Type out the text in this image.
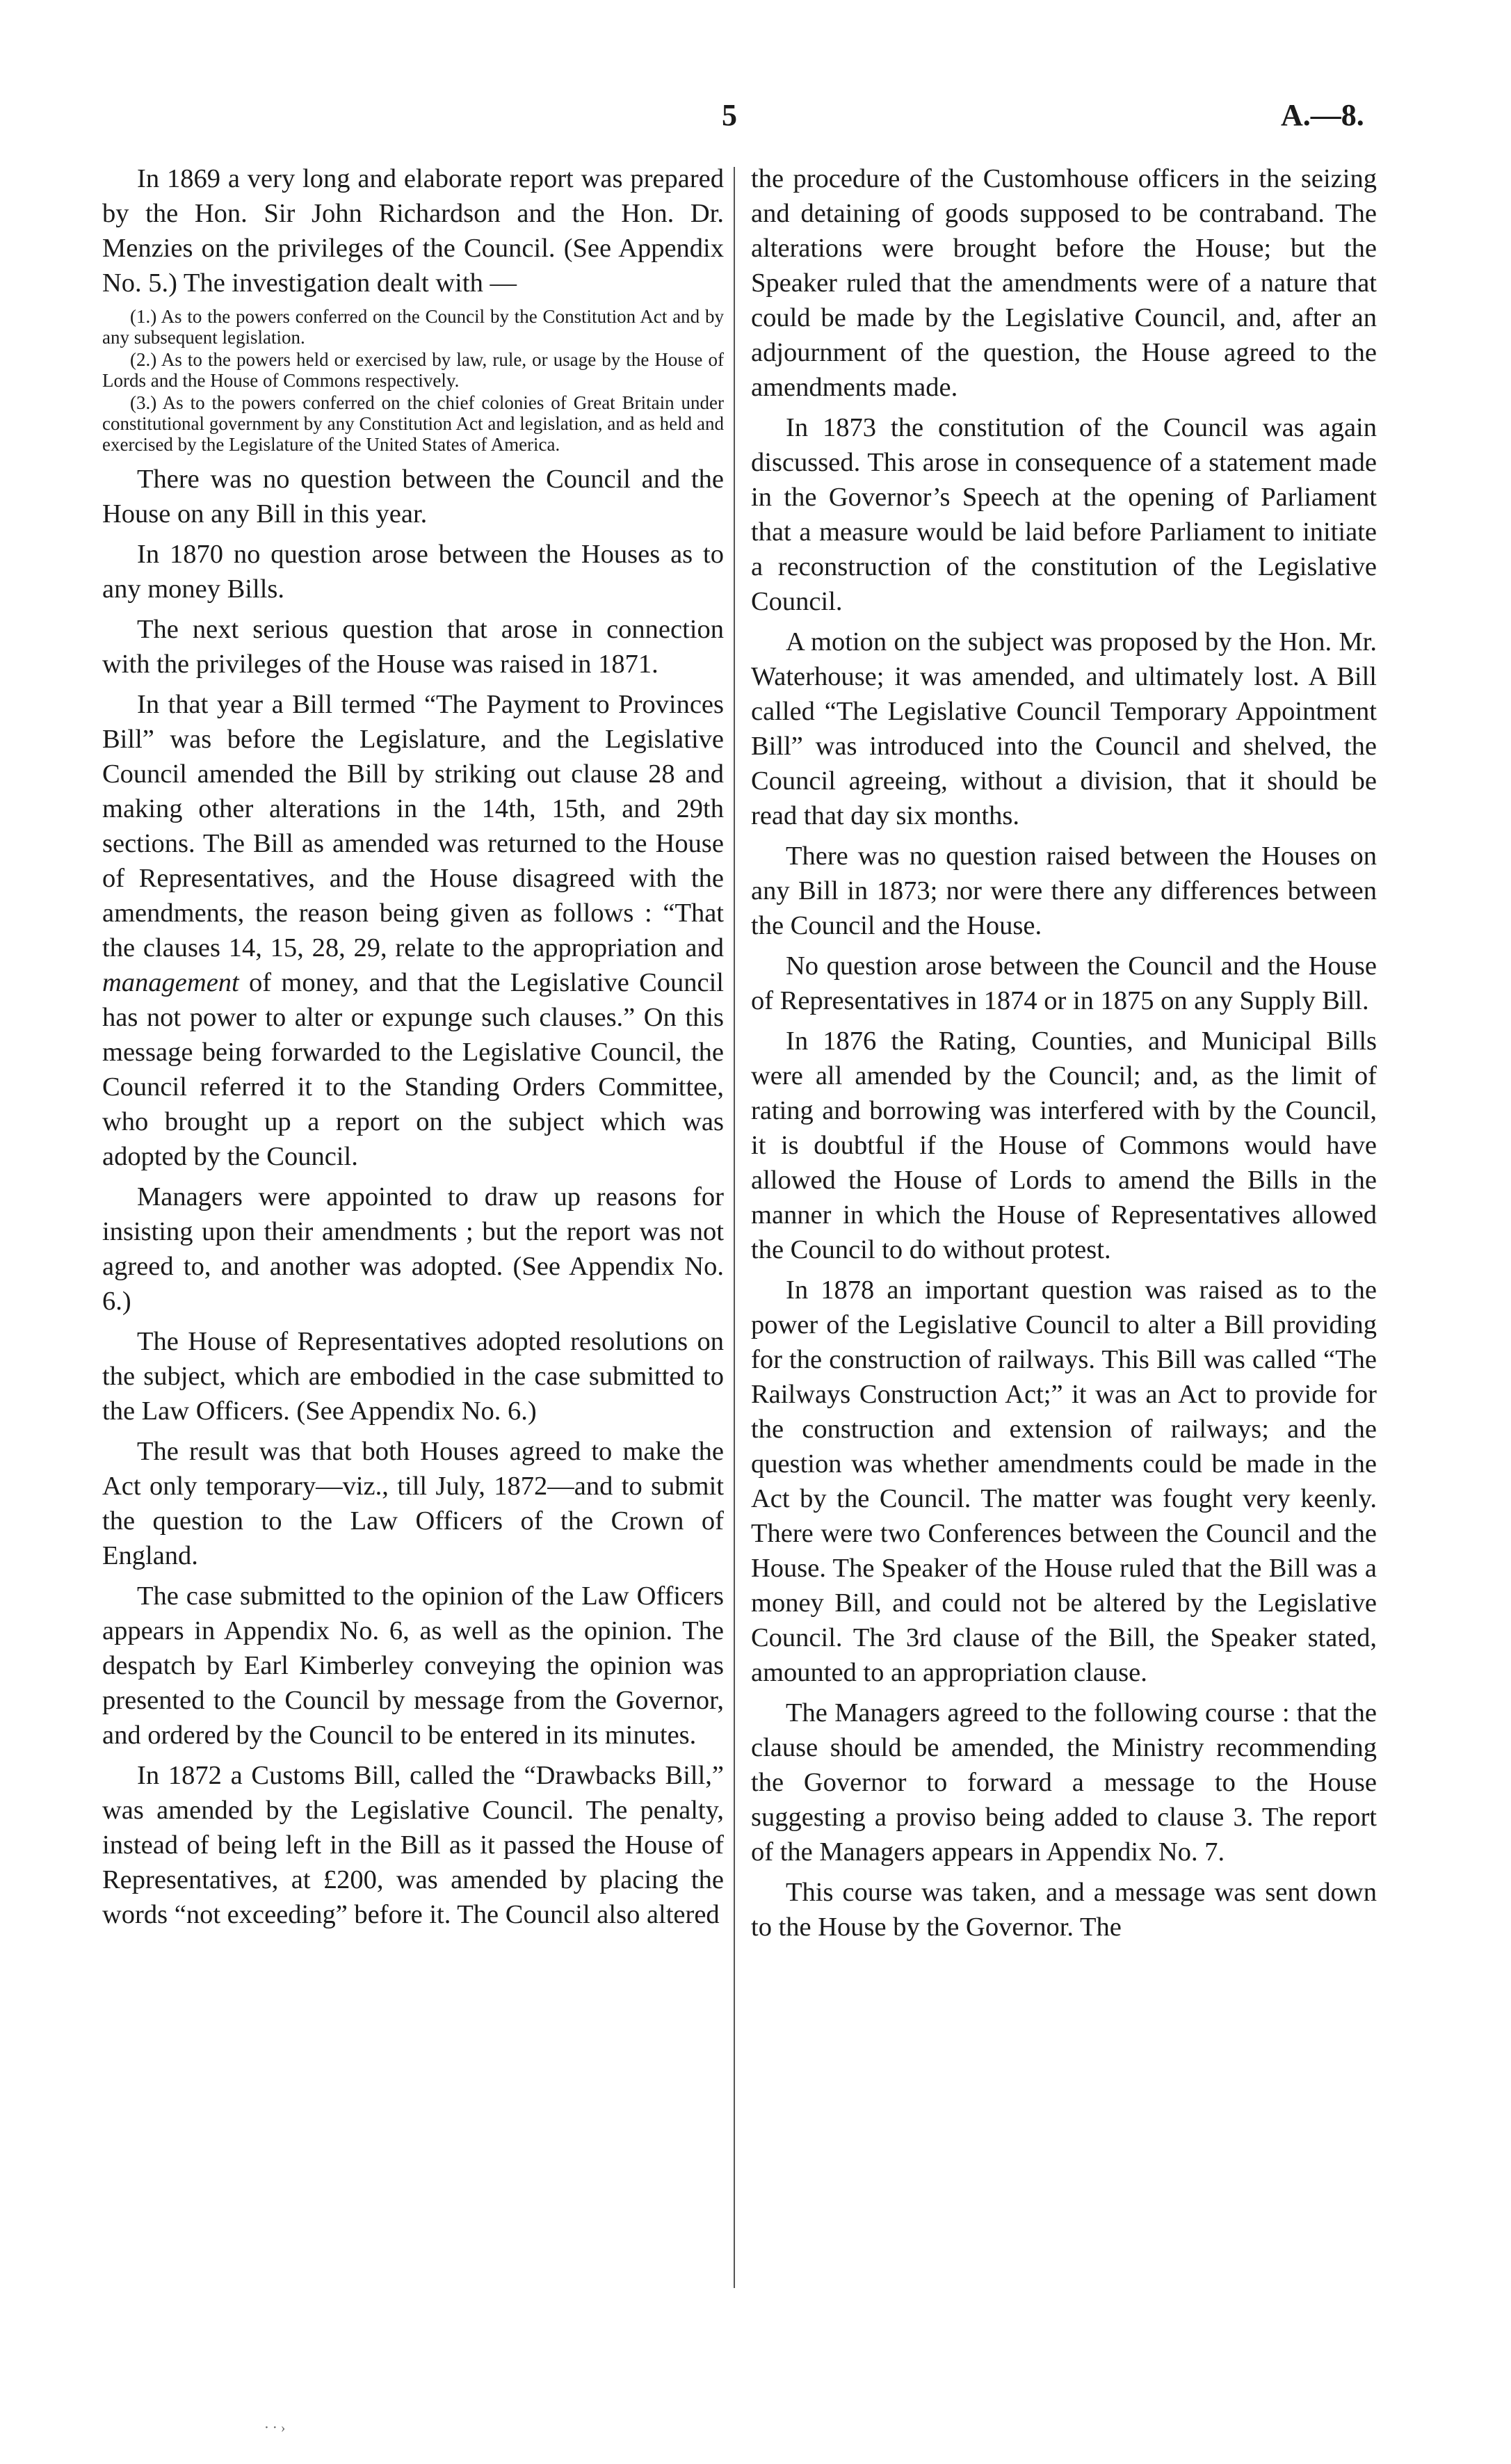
5	A.—8.

In 1869 a very long and elaborate report was prepared by the Hon. Sir John Richardson and the Hon. Dr. Menzies on the privileges of the Council. (See Appendix No. 5.) The investigation dealt with —

(1.) As to the powers conferred on the Council by the Constitution Act and by any subsequent legislation.

(2.) As to the powers held or exercised by law, rule, or usage by the House of Lords and the House of Commons respectively.

(3.) As to the powers conferred on the chief colonies of Great Britain under constitutional government by any Constitution Act and legislation, and as held and exercised by the Legislature of the United States of America.

There was no question between the Council and the House on any Bill in this year.

In 1870 no question arose between the Houses as to any money Bills.

The next serious question that arose in connection with the privileges of the House was raised in 1871.

In that year a Bill termed “The Payment to Provinces Bill” was before the Legislature, and the Legislative Council amended the Bill by striking out clause 28 and making other alterations in the 14th, 15th, and 29th sections. The Bill as amended was returned to the House of Representatives, and the House disagreed with the amendments, the reason being given as follows : “That the clauses 14, 15, 28, 29, relate to the appropriation and management of money, and that the Legislative Council has not power to alter or expunge such clauses.” On this message being forwarded to the Legislative Council, the Council referred it to the Standing Orders Committee, who brought up a report on the subject which was adopted by the Council.

Managers were appointed to draw up reasons for insisting upon their amendments ; but the report was not agreed to, and another was adopted. (See Appendix No. 6.)

The House of Representatives adopted resolutions on the subject, which are embodied in the case submitted to the Law Officers. (See Appendix No. 6.)

The result was that both Houses agreed to make the Act only temporary—viz., till July, 1872—and to submit the question to the Law Officers of the Crown of England.

The case submitted to the opinion of the Law Officers appears in Appendix No. 6, as well as the opinion. The despatch by Earl Kimberley conveying the opinion was presented to the Council by message from the Governor, and ordered by the Council to be entered in its minutes.

In 1872 a Customs Bill, called the “Drawbacks Bill,” was amended by the Legislative Council. The penalty, instead of being left in the Bill as it passed the House of Representatives, at £200, was amended by placing the words “not exceeding” before it. The Council also altered

the procedure of the Customhouse officers in the seizing and detaining of goods supposed to be contraband. The alterations were brought before the House; but the Speaker ruled that the amendments were of a nature that could be made by the Legislative Council, and, after an adjournment of the question, the House agreed to the amendments made.

In 1873 the constitution of the Council was again discussed. This arose in consequence of a statement made in the Governor’s Speech at the opening of Parliament that a measure would be laid before Parliament to initiate a reconstruction of the constitution of the Legislative Council.

A motion on the subject was proposed by the Hon. Mr. Waterhouse; it was amended, and ultimately lost. A Bill called “The Legislative Council Temporary Appointment Bill” was introduced into the Council and shelved, the Council agreeing, without a division, that it should be read that day six months.

There was no question raised between the Houses on any Bill in 1873; nor were there any differences between the Council and the House.

No question arose between the Council and the House of Representatives in 1874 or in 1875 on any Supply Bill.

In 1876 the Rating, Counties, and Municipal Bills were all amended by the Council; and, as the limit of rating and borrowing was interfered with by the Council, it is doubtful if the House of Commons would have allowed the House of Lords to amend the Bills in the manner in which the House of Representatives allowed the Council to do without protest.

In 1878 an important question was raised as to the power of the Legislative Council to alter a Bill providing for the construction of railways. This Bill was called “The Railways Construction Act;” it was an Act to provide for the construction and extension of railways; and the question was whether amendments could be made in the Act by the Council. The matter was fought very keenly. There were two Conferences between the Council and the House. The Speaker of the House ruled that the Bill was a money Bill, and could not be altered by the Legislative Council. The 3rd clause of the Bill, the Speaker stated, amounted to an appropriation clause.

The Managers agreed to the following course : that the clause should be amended, the Ministry recommending the Governor to forward a message to the House suggesting a proviso being added to clause 3. The report of the Managers appears in Appendix No. 7.

This course was taken, and a message was sent down to the House by the Governor. The

⋅ ⋅ ›
